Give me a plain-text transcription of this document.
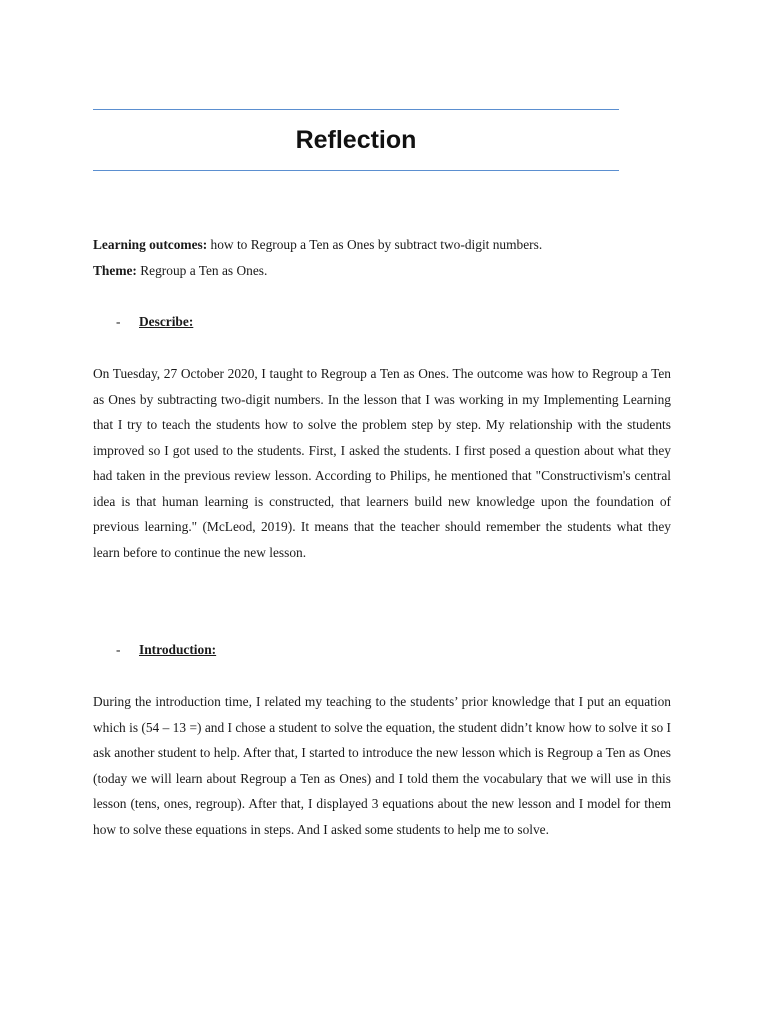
Reflection
Learning outcomes: how to Regroup a Ten as Ones by subtract two-digit numbers.
Theme: Regroup a Ten as Ones.
- Describe:
On Tuesday, 27 October 2020, I taught to Regroup a Ten as Ones. The outcome was how to Regroup a Ten as Ones by subtracting two-digit numbers. In the lesson that I was working in my Implementing Learning that I try to teach the students how to solve the problem step by step. My relationship with the students improved so I got used to the students. First, I asked the students. I first posed a question about what they had taken in the previous review lesson. According to Philips, he mentioned that "Constructivism's central idea is that human learning is constructed, that learners build new knowledge upon the foundation of previous learning." (McLeod, 2019). It means that the teacher should remember the students what they learn before to continue the new lesson.
- Introduction:
During the introduction time, I related my teaching to the students’ prior knowledge that I put an equation which is (54 – 13 =) and I chose a student to solve the equation, the student didn’t know how to solve it so I ask another student to help. After that, I started to introduce the new lesson which is Regroup a Ten as Ones (today we will learn about Regroup a Ten as Ones) and I told them the vocabulary that we will use in this lesson (tens, ones, regroup). After that, I displayed 3 equations about the new lesson and I model for them how to solve these equations in steps. And I asked some students to help me to solve.
